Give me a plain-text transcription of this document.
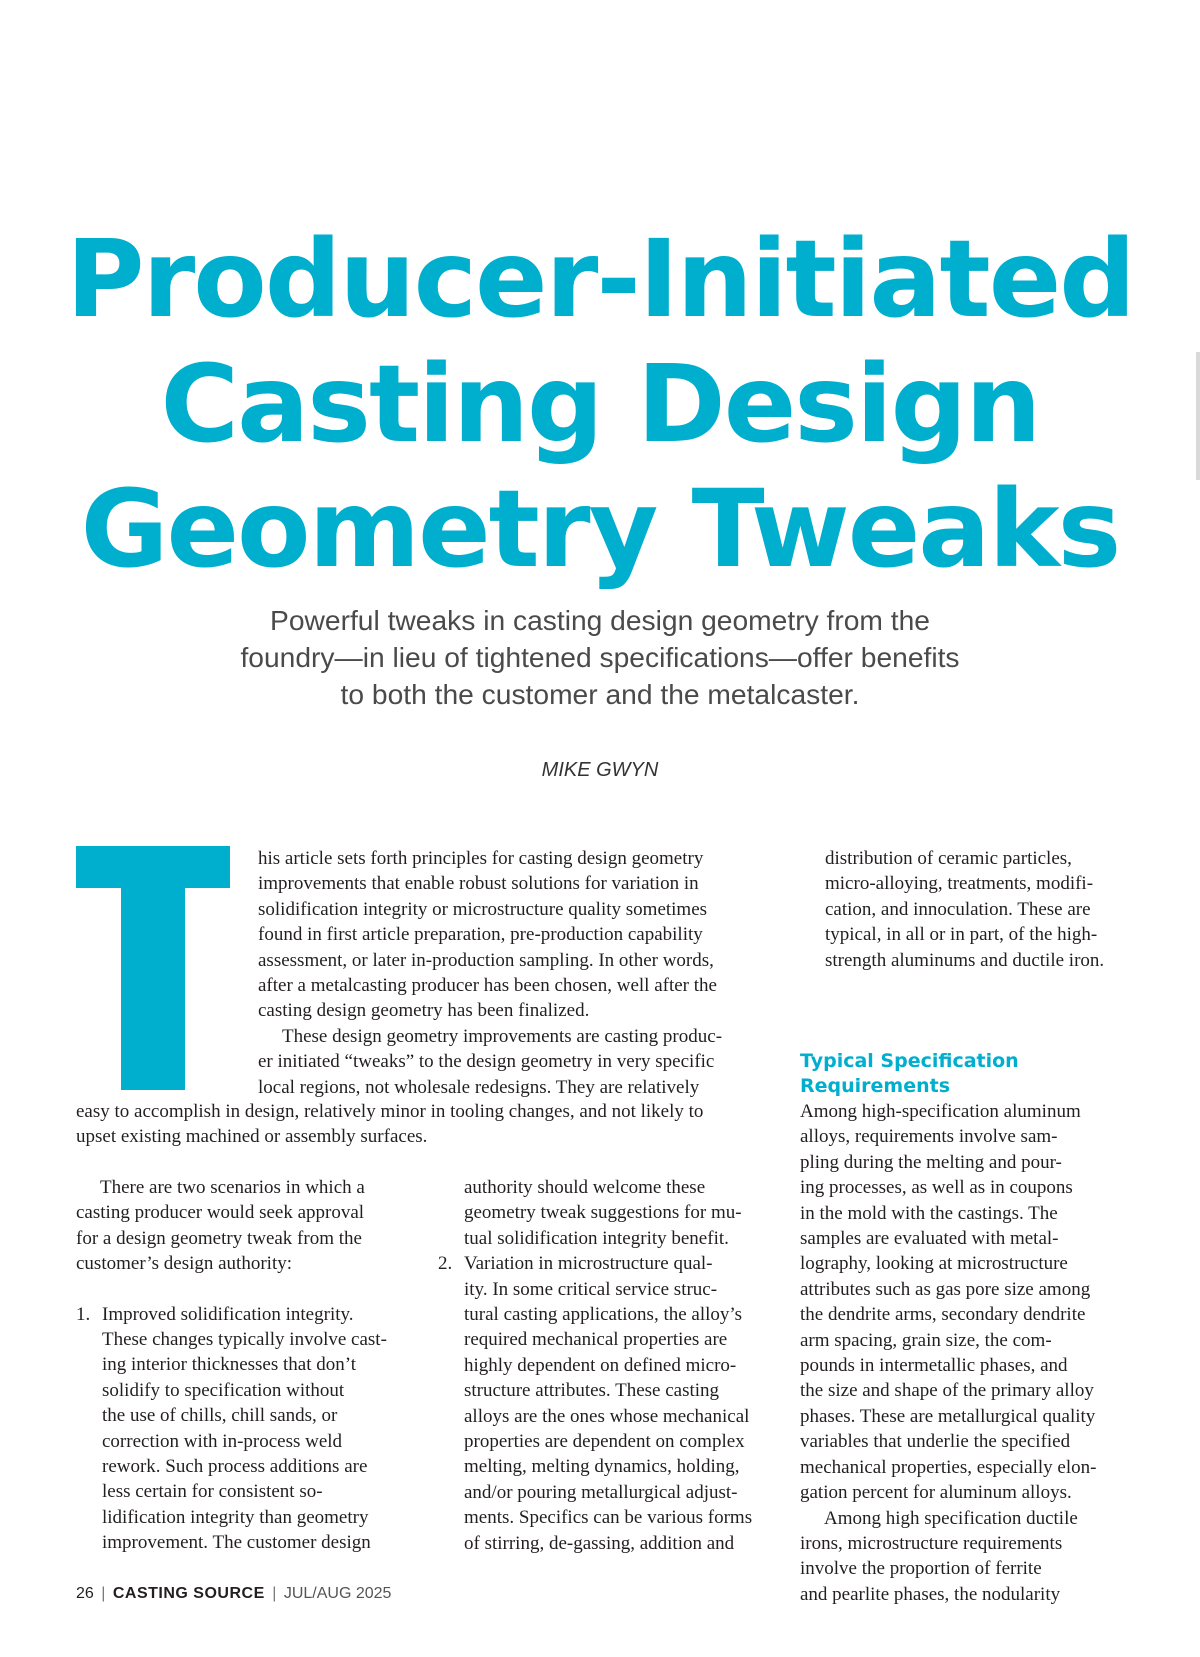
Producer-Initiated
Casting Design
Geometry Tweaks

Powerful tweaks in casting design geometry from the
foundry—in lieu of tightened specifications—offer benefits
to both the customer and the metalcaster.

MIKE GWYN

his article sets forth principles for casting design geometry
improvements that enable robust solutions for variation in
solidification integrity or microstructure quality sometimes
found in first article preparation, pre-production capability
assessment, or later in-production sampling. In other words,
after a metalcasting producer has been chosen, well after the
casting design geometry has been finalized.
These design geometry improvements are casting produc-
er initiated “tweaks” to the design geometry in very specific
local regions, not wholesale redesigns. They are relatively
easy to accomplish in design, relatively minor in tooling changes, and not likely to
upset existing machined or assembly surfaces.
There are two scenarios in which a
casting producer would seek approval
for a design geometry tweak from the
customer’s design authority:
1. Improved solidification integrity.
These changes typically involve cast-
ing interior thicknesses that don’t
solidify to specification without
the use of chills, chill sands, or
correction with in-process weld
rework. Such process additions are
less certain for consistent so-
lidification integrity than geometry
improvement. The customer design
authority should welcome these
geometry tweak suggestions for mu-
tual solidification integrity benefit.
2. Variation in microstructure qual-
ity. In some critical service struc-
tural casting applications, the alloy’s
required mechanical properties are
highly dependent on defined micro-
structure attributes. These casting
alloys are the ones whose mechanical
properties are dependent on complex
melting, melting dynamics, holding,
and/or pouring metallurgical adjust-
ments. Specifics can be various forms
of stirring, de-gassing, addition and
distribution of ceramic particles,
micro-alloying, treatments, modifi-
cation, and innoculation. These are
typical, in all or in part, of the high-
strength aluminums and ductile iron.
Typical Specification
Requirements
Among high-specification aluminum
alloys, requirements involve sam-
pling during the melting and pour-
ing processes, as well as in coupons
in the mold with the castings. The
samples are evaluated with metal-
lography, looking at microstructure
attributes such as gas pore size among
the dendrite arms, secondary dendrite
arm spacing, grain size, the com-
pounds in intermetallic phases, and
the size and shape of the primary alloy
phases. These are metallurgical quality
variables that underlie the specified
mechanical properties, especially elon-
gation percent for aluminum alloys.
Among high specification ductile
irons, microstructure requirements
involve the proportion of ferrite
and pearlite phases, the nodularity
26 | CASTING SOURCE | JUL/AUG 2025
